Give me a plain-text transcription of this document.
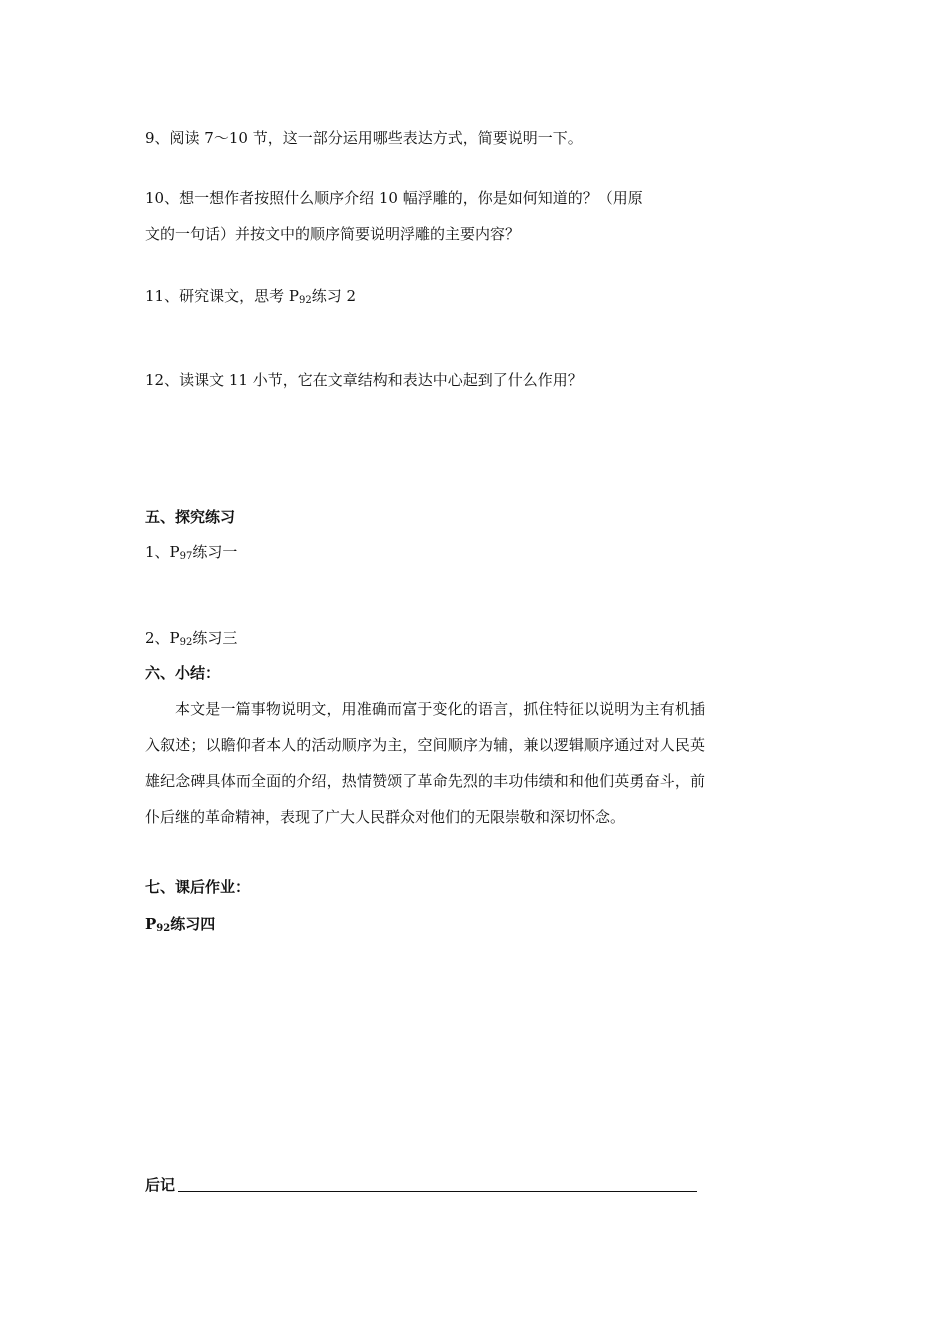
9、阅读 7～10 节，这一部分运用哪些表达方式，简要说明一下。
10、想一想作者按照什么顺序介绍 10 幅浮雕的，你是如何知道的？（用原
文的一句话）并按文中的顺序简要说明浮雕的主要内容？
11、研究课文，思考 $P_{92}$练习 2
12、读课文 11 小节，它在文章结构和表达中心起到了什么作用？
五、探究练习
1、$P_{97}$练习一
2、$P_{92}$练习三
六、小结：
本文是一篇事物说明文，用准确而富于变化的语言，抓住特征以说明为主有机插入叙述；以瞻仰者本人的活动顺序为主，空间顺序为辅，兼以逻辑顺序通过对人民英雄纪念碑具体而全面的介绍，热情赞颂了革命先烈的丰功伟绩和和他们英勇奋斗，前仆后继的革命精神，表现了广大人民群众对他们的无限崇敬和深切怀念。
七、课后作业：
$P_{92}$练习四
后记
